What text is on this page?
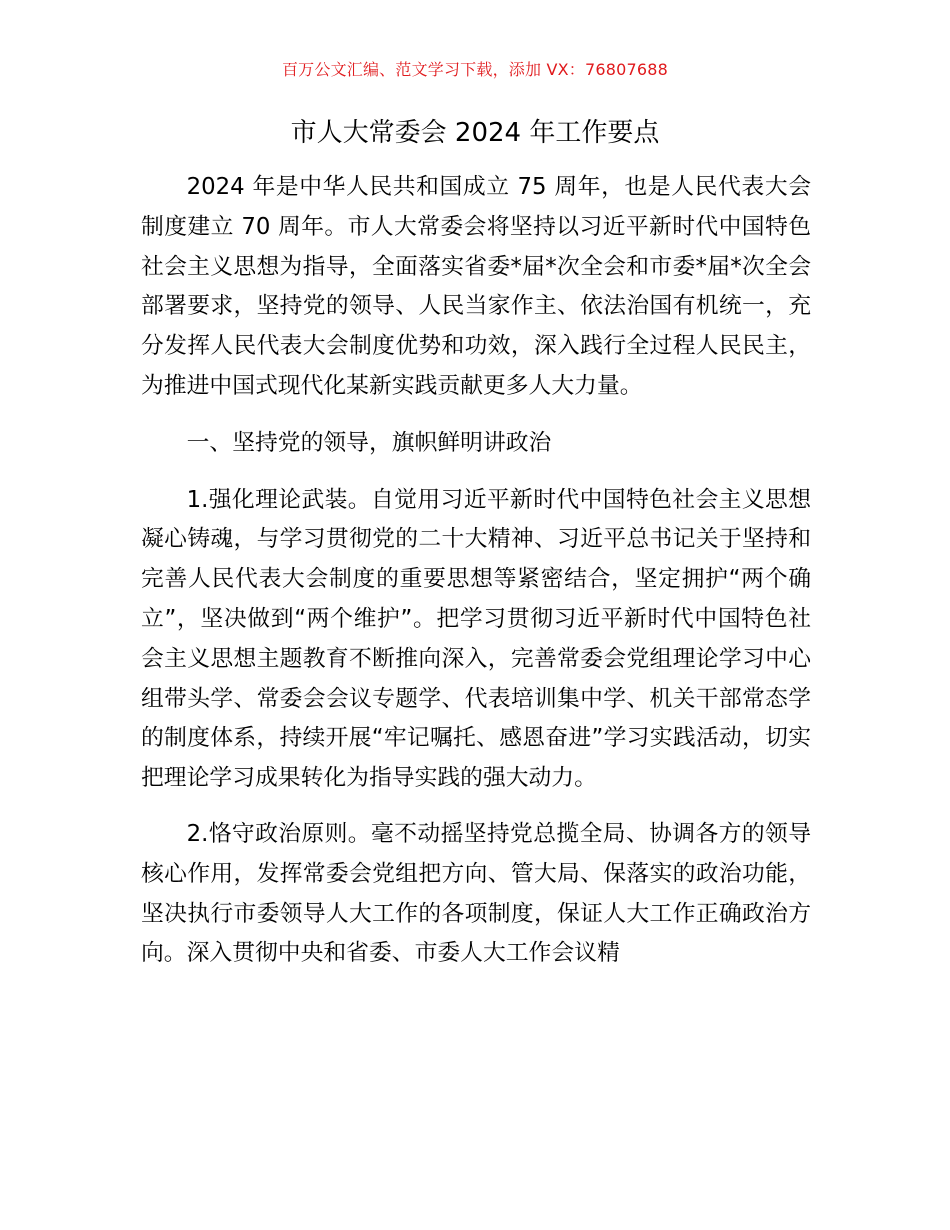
百万公文汇编、范文学习下载，添加 VX：76807688
市人大常委会 2024 年工作要点

2024 年是中华人民共和国成立 75 周年，也是人民代表大会制度建立 70 周年。市人大常委会将坚持以习近平新时代中国特色社会主义思想为指导，全面落实省委*届*次全会和市委*届*次全会部署要求，坚持党的领导、人民当家作主、依法治国有机统一，充分发挥人民代表大会制度优势和功效，深入践行全过程人民民主，为推进中国式现代化某新实践贡献更多人大力量。

一、坚持党的领导，旗帜鲜明讲政治

1.强化理论武装。自觉用习近平新时代中国特色社会主义思想凝心铸魂，与学习贯彻党的二十大精神、习近平总书记关于坚持和完善人民代表大会制度的重要思想等紧密结合，坚定拥护“两个确立”，坚决做到“两个维护”。把学习贯彻习近平新时代中国特色社会主义思想主题教育不断推向深入，完善常委会党组理论学习中心组带头学、常委会会议专题学、代表培训集中学、机关干部常态学的制度体系，持续开展“牢记嘱托、感恩奋进”学习实践活动，切实把理论学习成果转化为指导实践的强大动力。

2.恪守政治原则。毫不动摇坚持党总揽全局、协调各方的领导核心作用，发挥常委会党组把方向、管大局、保落实的政治功能，坚决执行市委领导人大工作的各项制度，保证人大工作正确政治方向。深入贯彻中央和省委、市委人大工作会议精
